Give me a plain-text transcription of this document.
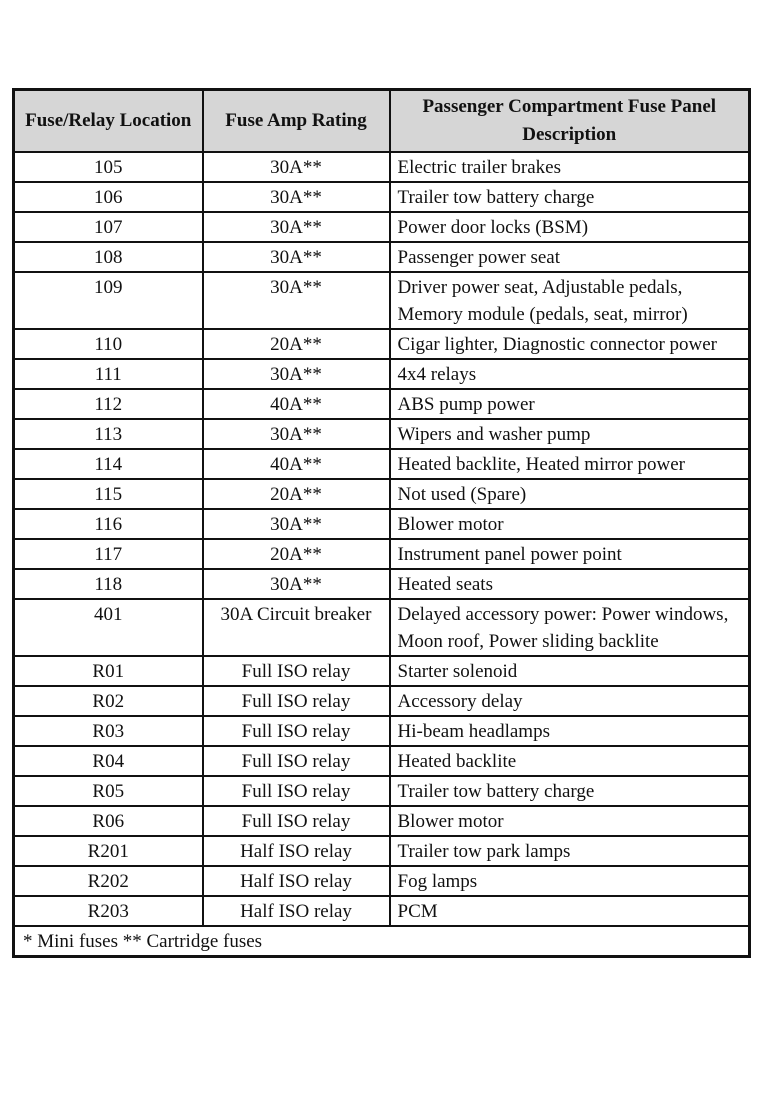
Fuse/Relay Location	Fuse Amp Rating	Passenger Compartment Fuse Panel Description
105	30A**	Electric trailer brakes
106	30A**	Trailer tow battery charge
107	30A**	Power door locks (BSM)
108	30A**	Passenger power seat
109	30A**	Driver power seat, Adjustable pedals, Memory module (pedals, seat, mirror)
110	20A**	Cigar lighter, Diagnostic connector power
111	30A**	4x4 relays
112	40A**	ABS pump power
113	30A**	Wipers and washer pump
114	40A**	Heated backlite, Heated mirror power
115	20A**	Not used (Spare)
116	30A**	Blower motor
117	20A**	Instrument panel power point
118	30A**	Heated seats
401	30A Circuit breaker	Delayed accessory power: Power windows, Moon roof, Power sliding backlite
R01	Full ISO relay	Starter solenoid
R02	Full ISO relay	Accessory delay
R03	Full ISO relay	Hi-beam headlamps
R04	Full ISO relay	Heated backlite
R05	Full ISO relay	Trailer tow battery charge
R06	Full ISO relay	Blower motor
R201	Half ISO relay	Trailer tow park lamps
R202	Half ISO relay	Fog lamps
R203	Half ISO relay	PCM
* Mini fuses ** Cartridge fuses		
